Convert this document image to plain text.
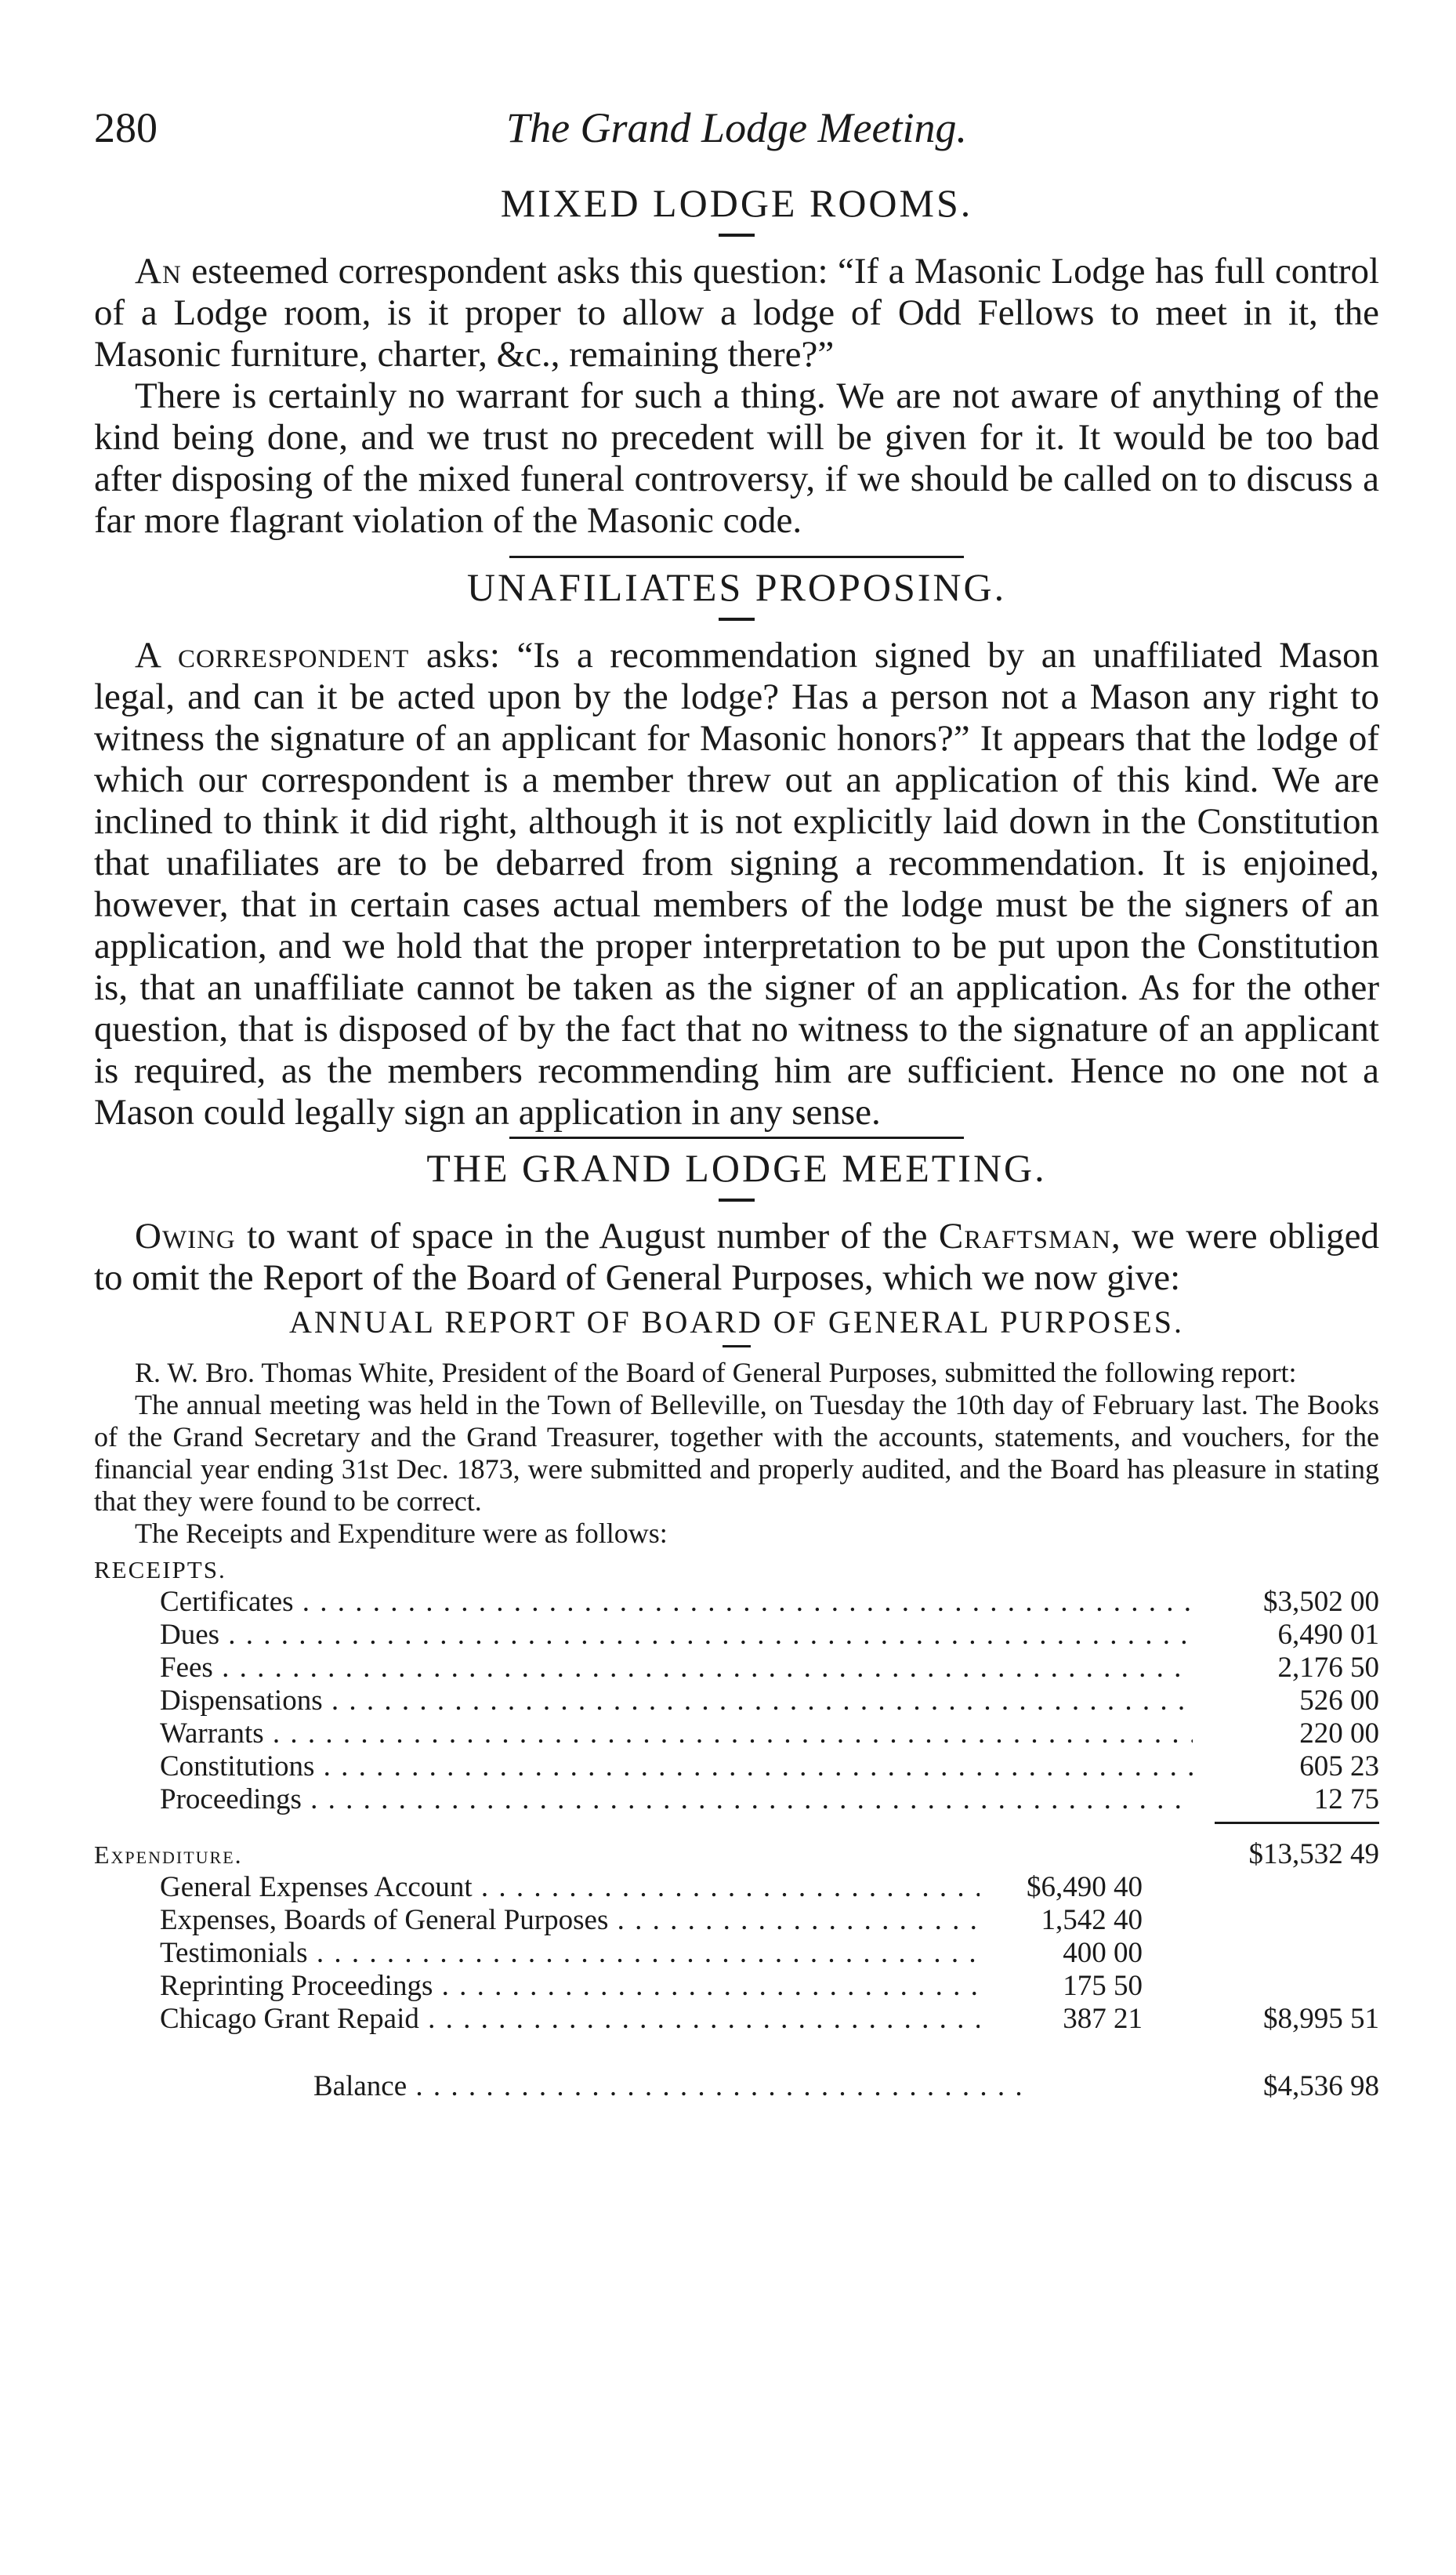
280	The Grand Lodge Meeting.
MIXED LODGE ROOMS.

An esteemed correspondent asks this question: “If a Masonic Lodge has full control of a Lodge room, is it proper to allow a lodge of Odd Fellows to meet in it, the Masonic furniture, charter, &c., remaining there?”

There is certainly no warrant for such a thing. We are not aware of anything of the kind being done, and we trust no precedent will be given for it. It would be too bad after disposing of the mixed funeral controversy, if we should be called on to discuss a far more flagrant violation of the Masonic code.

UNAFILIATES PROPOSING.

A correspondent asks: “Is a recommendation signed by an unaffiliated Mason legal, and can it be acted upon by the lodge? Has a person not a Mason any right to witness the signature of an applicant for Masonic honors?” It appears that the lodge of which our correspondent is a member threw out an application of this kind. We are inclined to think it did right, although it is not explicitly laid down in the Constitution that unafiliates are to be debarred from signing a recommendation. It is enjoined, however, that in certain cases actual members of the lodge must be the signers of an application, and we hold that the proper interpretation to be put upon the Constitution is, that an unaffiliate cannot be taken as the signer of an application. As for the other question, that is disposed of by the fact that no witness to the signature of an applicant is required, as the members recommending him are sufficient. Hence no one not a Mason could legally sign an application in any sense.

THE GRAND LODGE MEETING.

Owing to want of space in the August number of the Craftsman, we were obliged to omit the Report of the Board of General Purposes, which we now give:

ANNUAL REPORT OF BOARD OF GENERAL PURPOSES.

R. W. Bro. Thomas White, President of the Board of General Purposes, submitted the following report:

The annual meeting was held in the Town of Belleville, on Tuesday the 10th day of February last. The Books of the Grand Secretary and the Grand Treasurer, together with the accounts, statements, and vouchers, for the financial year ending 31st Dec. 1873, were submitted and properly audited, and the Board has pleasure in stating that they were found to be correct.

The Receipts and Expenditure were as follows:

RECEIPTS.
Certificates . . .	$3,502 00
Dues . . .	6,490 01
Fees . . .	2,176 50
Dispensations . . .	526 00
Warrants . . .	220 00
Constitutions . . .	605 23
Proceedings . . .	12 75
Expenditure.	$13,532 49
General Expenses Account . . .	$6,490 40
Expenses, Boards of General Purposes . . .	1,542 40
Testimonials . . .	400 00
Reprinting Proceedings . . .	175 50
Chicago Grant Repaid . . .	387 21	$8,995 51
Balance . . .	$4,536 98
